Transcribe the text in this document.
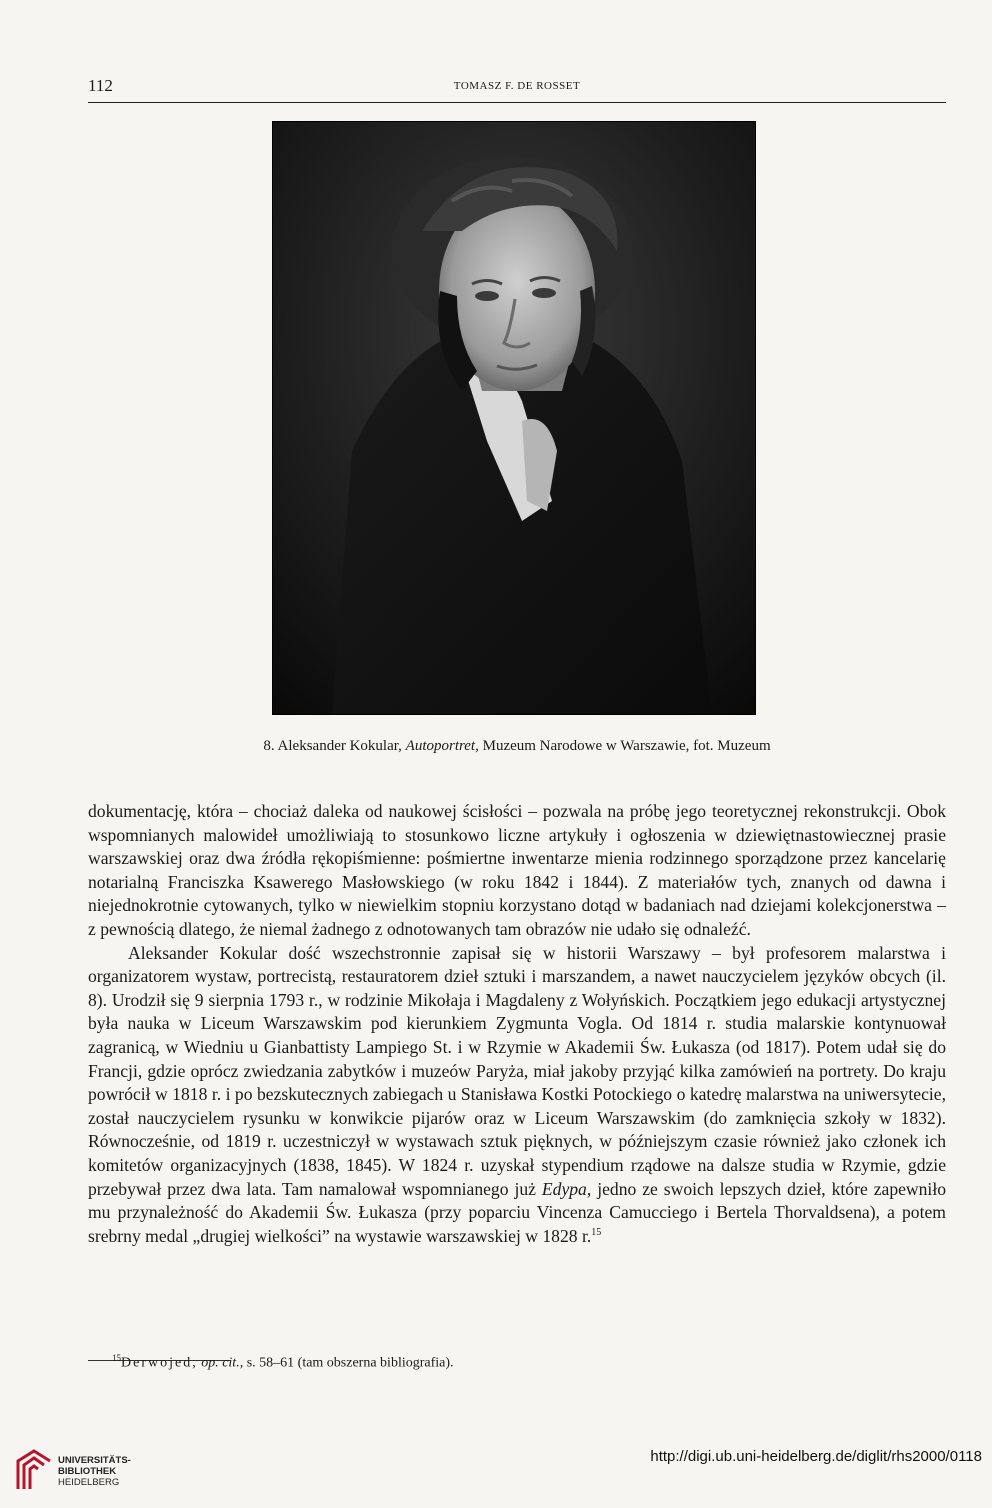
112	TOMASZ F. DE ROSSET
8. Aleksander Kokular, Autoportret, Muzeum Narodowe w Warszawie, fot. Muzeum

dokumentację, która – chociaż daleka od naukowej ścisłości – pozwala na próbę jego teoretycznej rekonstrukcji. Obok wspomnianych malowideł umożliwiają to stosunkowo liczne artykuły i ogłoszenia w dziewiętnastowiecznej prasie warszawskiej oraz dwa źródła rękopiśmienne: pośmiertne inwentarze mienia rodzinnego sporządzone przez kancelarię notarialną Franciszka Ksawerego Masłowskiego (w roku 1842 i 1844). Z materiałów tych, znanych od dawna i niejednokrotnie cytowanych, tylko w niewielkim stopniu korzystano dotąd w badaniach nad dziejami kolekcjonerstwa – z pewnością dlatego, że niemal żadnego z odnotowanych tam obrazów nie udało się odnaleźć.

Aleksander Kokular dość wszechstronnie zapisał się w historii Warszawy – był profesorem malarstwa i organizatorem wystaw, portrecistą, restauratorem dzieł sztuki i marszandem, a nawet nauczycielem języków obcych (il. 8). Urodził się 9 sierpnia 1793 r., w rodzinie Mikołaja i Magdaleny z Wołyńskich. Początkiem jego edukacji artystycznej była nauka w Liceum Warszawskim pod kierunkiem Zygmunta Vogla. Od 1814 r. studia malarskie kontynuował zagranicą, w Wiedniu u Gianbattisty Lampiego St. i w Rzymie w Akademii Św. Łukasza (od 1817). Potem udał się do Francji, gdzie oprócz zwiedzania zabytków i muzeów Paryża, miał jakoby przyjąć kilka zamówień na portrety. Do kraju powrócił w 1818 r. i po bezskutecznych zabiegach u Stanisława Kostki Potockiego o katedrę malarstwa na uniwersytecie, został nauczycielem rysunku w konwikcie pijarów oraz w Liceum Warszawskim (do zamknięcia szkoły w 1832). Równocześnie, od 1819 r. uczestniczył w wystawach sztuk pięknych, w późniejszym czasie również jako członek ich komitetów organizacyjnych (1838, 1845). W 1824 r. uzyskał stypendium rządowe na dalsze studia w Rzymie, gdzie przebywał przez dwa lata. Tam namalował wspomnianego już Edypa, jedno ze swoich lepszych dzieł, które zapewniło mu przynależność do Akademii Św. Łukasza (przy poparciu Vincenza Camucciego i Bertela Thorvaldsena), a potem srebrny medal „drugiej wielkości” na wystawie warszawskiej w 1828 r.$^{15}$

$^{15}$Derwojed, op. cit., s. 58–61 (tam obszerna bibliografia).
UNIVERSITÄTS-
BIBLIOTHEK
HEIDELBERG
http://digi.ub.uni-heidelberg.de/diglit/rhs2000/0118
